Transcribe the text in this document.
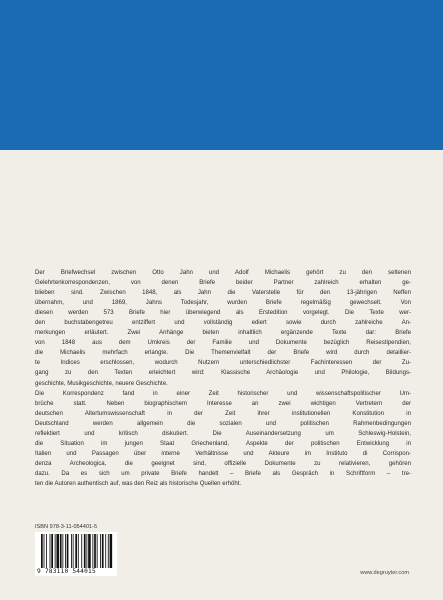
Der Briefwechsel zwischen Otto Jahn und Adolf Michaelis gehört zu den seltenen
Gelehrtenkorrespondenzen, von denen Briefe beider Partner zahlreich erhalten ge-
blieben sind. Zwischen 1848, als Jahn die Vaterstelle für den 13-jährigen Neffen
übernahm, und 1869, Jahns Todesjahr, wurden Briefe regelmäßig gewechselt. Von
diesen werden 573 Briefe hier überwiegend als Erstedition vorgelegt. Die Texte wer-
den buchstabengetreu entziffert und vollständig ediert sowie durch zahlreiche An-
merkungen erläutert. Zwei Anhänge bieten inhaltlich ergänzende Texte dar: Briefe
von 1848 aus dem Umkreis der Familie und Dokumente bezüglich Reisestipendien,
die Michaelis mehrfach erlangte. Die Themenvielfalt der Briefe wird durch detaillier-
te Indices erschlossen, wodurch Nutzern unterschiedlichster Fachinteressen der Zu-
gang zu den Texten erleichtert wird: Klassische Archäologie und Philologie, Bildungs-
geschichte, Musikgeschichte, neuere Geschichte.

Die Korrespondenz fand in einer Zeit historischer und wissenschaftspolitischer Um-
brüche statt. Neben biographischem Interesse an zwei wichtigen Vertretern der
deutschen Altertumswissenschaft in der Zeit ihrer institutionellen Konstitution in
Deutschland werden allgemein die sozialen und politischen Rahmenbedingungen
reflektiert und kritisch diskutiert. Die Auseinandersetzung um Schleswig-Holstein,
die Situation im jungen Staat Griechenland, Aspekte der politischen Entwicklung in
Italien und Passagen über interne Verhältnisse und Akteure im Instituto di Corrispon-
denza Archeologica, die geeignet sind, offizielle Dokumente zu relativieren, gehören
dazu. Da es sich um private Briefe handelt – Briefe als Gespräch in Schriftform – tre-
ten die Autoren authentisch auf, was den Reiz als historische Quellen erhöht.

ISBN 978-3-11-054401-5
9 783110 544015	www.degruyter.com
